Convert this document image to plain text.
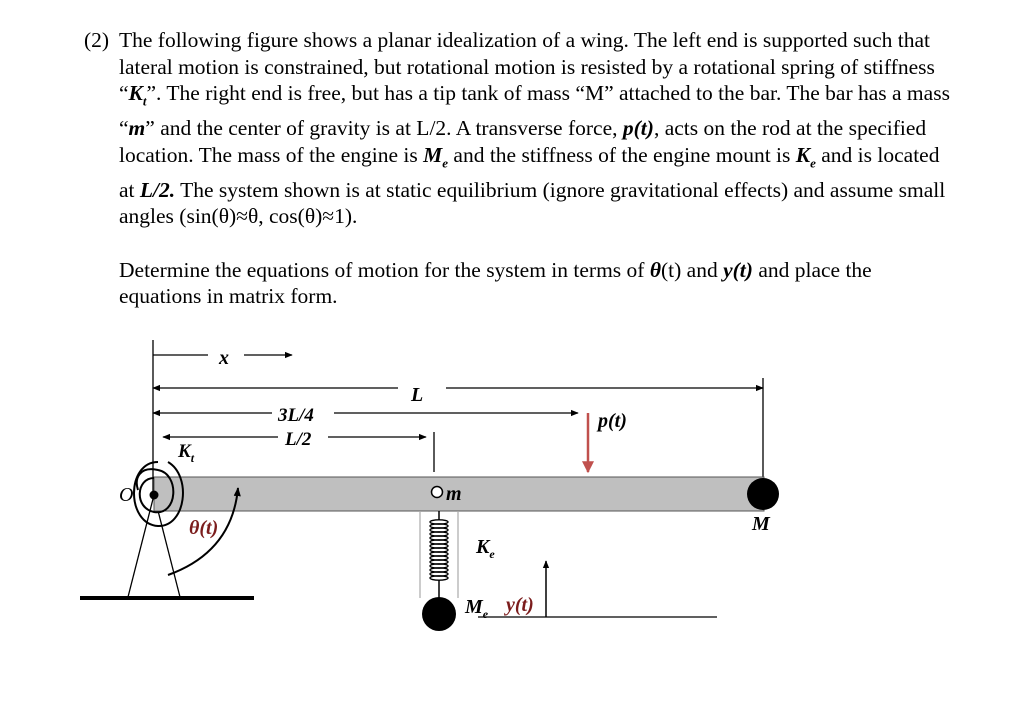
(2) The following figure shows a planar idealization of a wing. The left end is supported such that lateral motion is constrained, but rotational motion is resisted by a rotational spring of stiffness “$K_t$”. The right end is free, but has a tip tank of mass “M” attached to the bar. The bar has a mass “m” and the center of gravity is at L/2. A transverse force, p(t), acts on the rod at the specified location. The mass of the engine is $M_e$ and the stiffness of the engine mount is $K_e$ and is located at L/2. The system shown is at static equilibrium (ignore gravitational effects) and assume small angles (sin(θ)≈θ, cos(θ)≈1).

Determine the equations of motion for the system in terms of θ(t) and y(t) and place the equations in matrix form.

x
L
3L/4
L/2
p(t)
$K_t$
O
θ(t)
m
M
$K_e$
$M_e$ y(t)
